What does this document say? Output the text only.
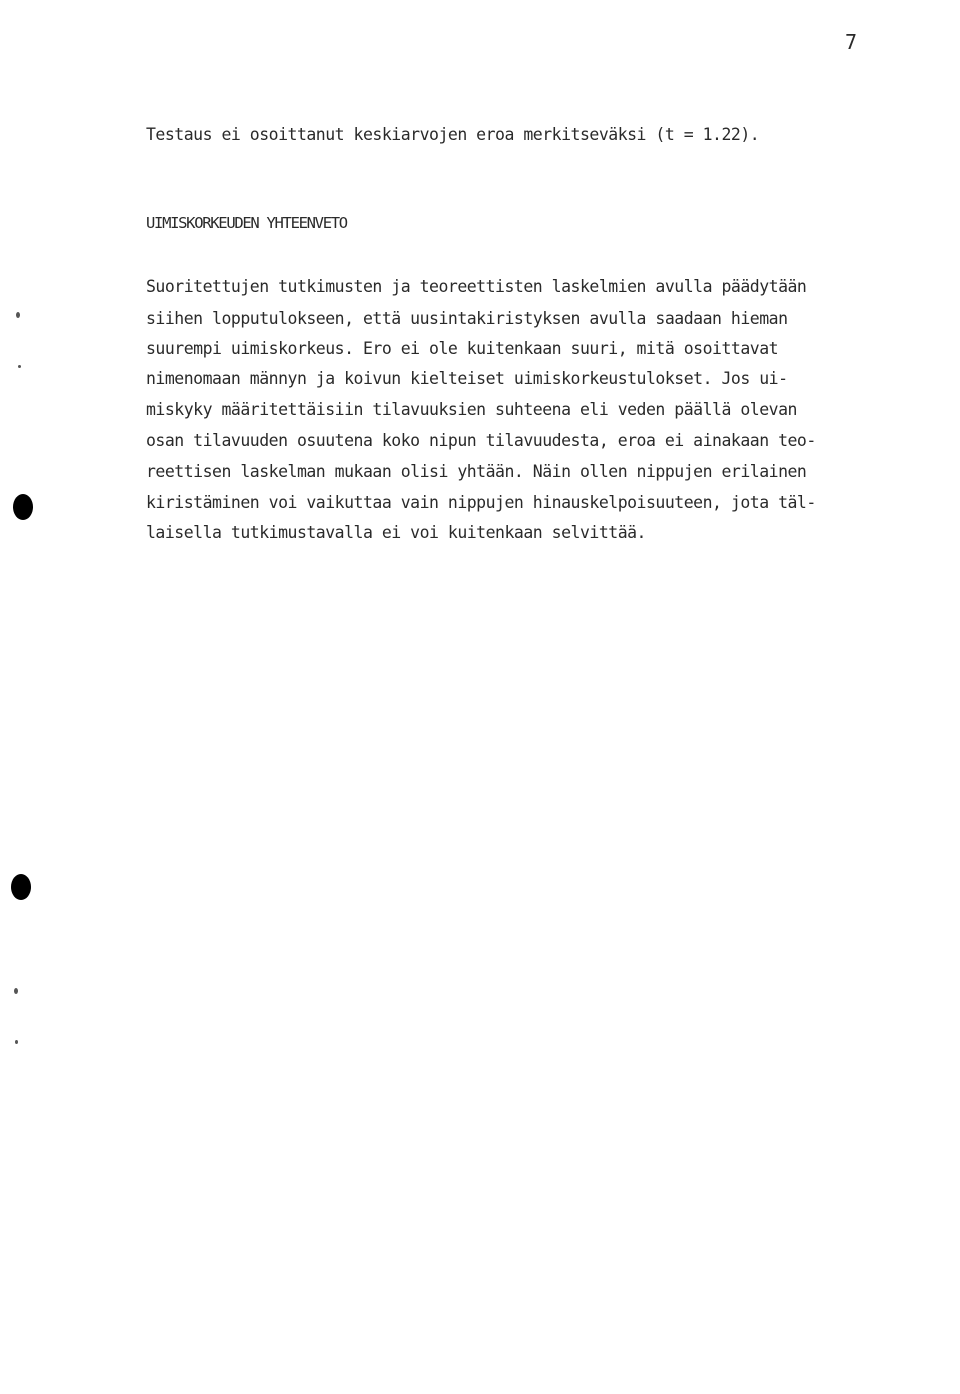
7
Testaus ei osoittanut keskiarvojen eroa merkitseväksi (t = 1.22).
UIMISKORKEUDEN YHTEENVETO
Suoritettujen tutkimusten ja teoreettisten laskelmien avulla päädytään
siihen lopputulokseen, että uusintakiristyksen avulla saadaan hieman
suurempi uimiskorkeus. Ero ei ole kuitenkaan suuri, mitä osoittavat
nimenomaan männyn ja koivun kielteiset uimiskorkeustulokset. Jos ui-
miskyky määritettäisiin tilavuuksien suhteena eli veden päällä olevan
osan tilavuuden osuutena koko nipun tilavuudesta, eroa ei ainakaan teo-
reettisen laskelman mukaan olisi yhtään. Näin ollen nippujen erilainen
kiristäminen voi vaikuttaa vain nippujen hinauskelpoisuuteen, jota täl-
laisella tutkimustavalla ei voi kuitenkaan selvittää.
